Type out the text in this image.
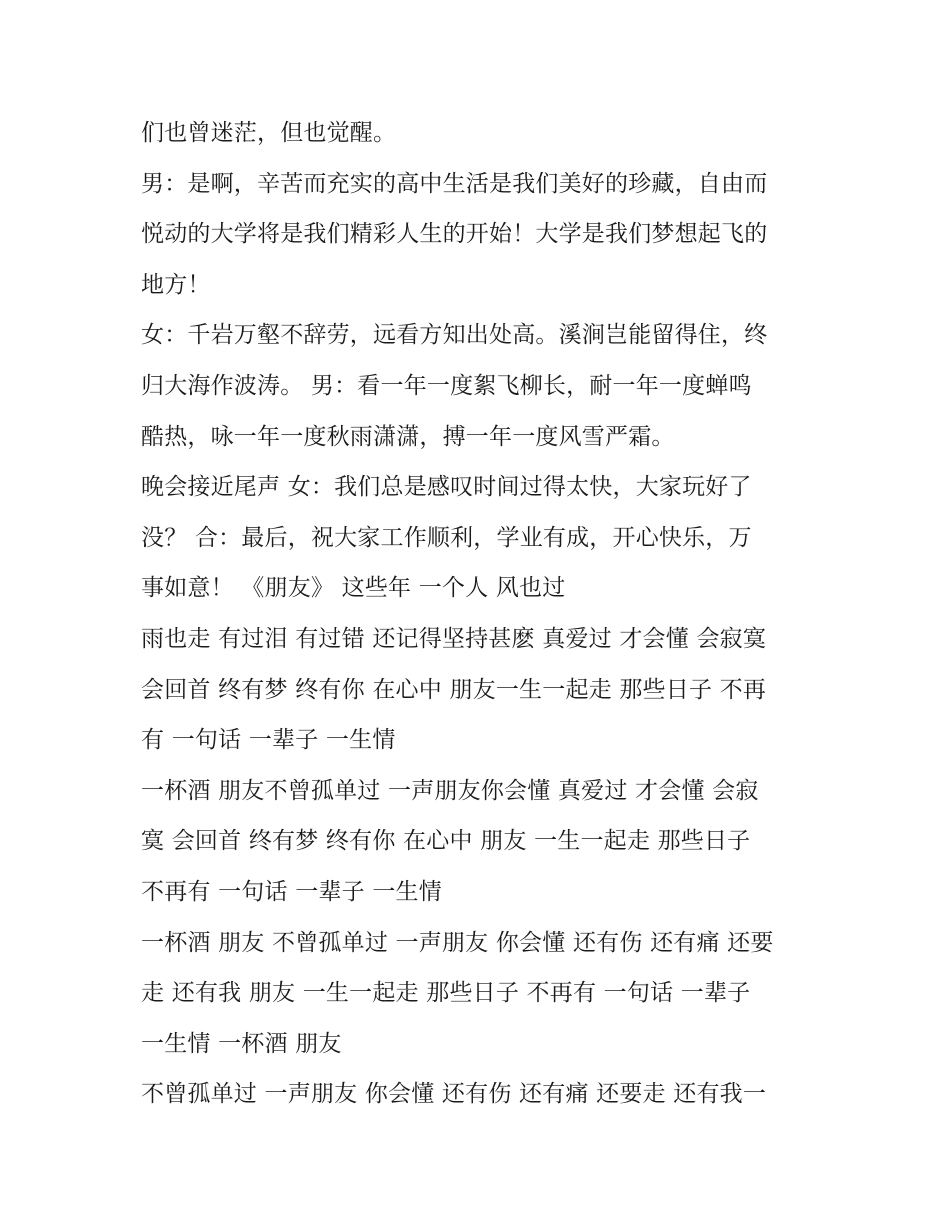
们也曾迷茫，但也觉醒。
男：是啊，辛苦而充实的高中生活是我们美好的珍藏，自由而
悦动的大学将是我们精彩人生的开始！大学是我们梦想起飞的
地方！
女：千岩万壑不辞劳，远看方知出处高。溪涧岂能留得住，终
归大海作波涛。 男：看一年一度絮飞柳长，耐一年一度蝉鸣
酷热，咏一年一度秋雨潇潇，搏一年一度风雪严霜。
晚会接近尾声 女：我们总是感叹时间过得太快，大家玩好了
没？ 合：最后，祝大家工作顺利，学业有成，开心快乐，万
事如意！ 《朋友》 这些年 一个人 风也过
雨也走 有过泪 有过错 还记得坚持甚麽 真爱过 才会懂 会寂寞
会回首 终有梦 终有你 在心中 朋友一生一起走 那些日子 不再
有 一句话 一辈子 一生情
一杯酒 朋友不曾孤单过 一声朋友你会懂 真爱过 才会懂 会寂
寞 会回首 终有梦 终有你 在心中 朋友 一生一起走 那些日子
不再有 一句话 一辈子 一生情
一杯酒 朋友 不曾孤单过 一声朋友 你会懂 还有伤 还有痛 还要
走 还有我 朋友 一生一起走 那些日子 不再有 一句话 一辈子
一生情 一杯酒 朋友
不曾孤单过 一声朋友 你会懂 还有伤 还有痛 还要走 还有我一
